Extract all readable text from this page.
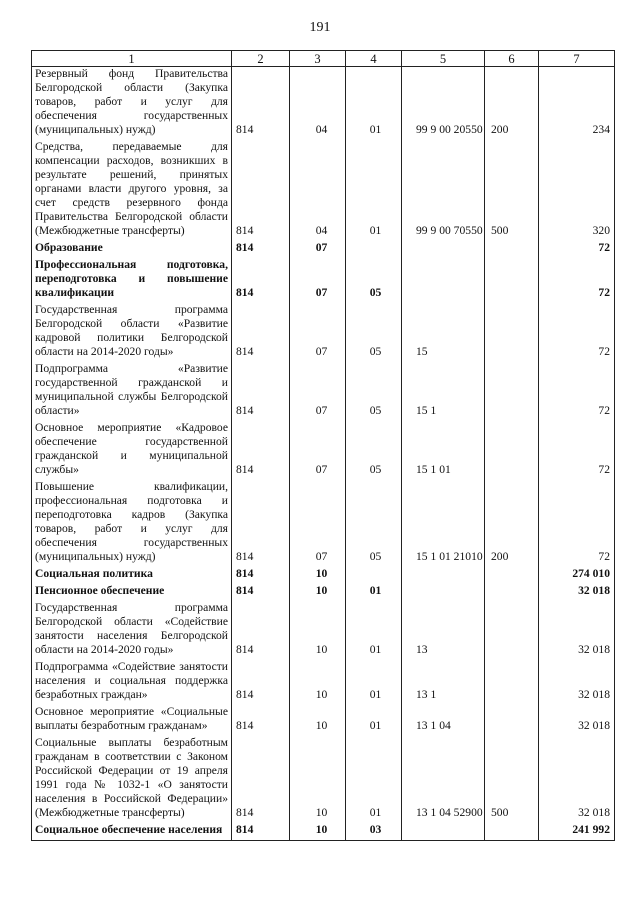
191
1	2	3	4	5	6	7
Резервный фонд Правительства Белгородской области (Закупка товаров, работ и услуг для обеспечения государственных (муниципальных) нужд)	814	04	01	99 9 00 20550	200	234
Средства, передаваемые для компенсации расходов, возникших в результате решений, принятых органами власти другого уровня, за счет средств резервного фонда Правительства Белгородской области (Межбюджетные трансферты)	814	04	01	99 9 00 70550	500	320
Образование	814	07				72
Профессиональная подготовка, переподготовка и повышение квалификации	814	07	05			72
Государственная программа Белгородской области «Развитие кадровой политики Белгородской области на 2014-2020 годы»	814	07	05	15		72
Подпрограмма «Развитие государственной гражданской и муниципальной службы Белгородской области»	814	07	05	15 1		72
Основное мероприятие «Кадровое обеспечение государственной гражданской и муниципальной службы»	814	07	05	15 1 01		72
Повышение квалификации, профессиональная подготовка и переподготовка кадров (Закупка товаров, работ и услуг для обеспечения государственных (муниципальных) нужд)	814	07	05	15 1 01 21010	200	72
Социальная политика	814	10				274 010
Пенсионное обеспечение	814	10	01			32 018
Государственная программа Белгородской области «Содействие занятости населения Белгородской области на 2014-2020 годы»	814	10	01	13		32 018
Подпрограмма «Содействие занятости населения и социальная поддержка безработных граждан»	814	10	01	13 1		32 018
Основное мероприятие «Социальные выплаты безработным гражданам»	814	10	01	13 1 04		32 018
Социальные выплаты безработным гражданам в соответствии с Законом Российской Федерации от 19 апреля 1991 года № 1032-1 «О занятости населения в Российской Федерации» (Межбюджетные трансферты)	814	10	01	13 1 04 52900	500	32 018
Социальное обеспечение населения	814	10	03			241 992
